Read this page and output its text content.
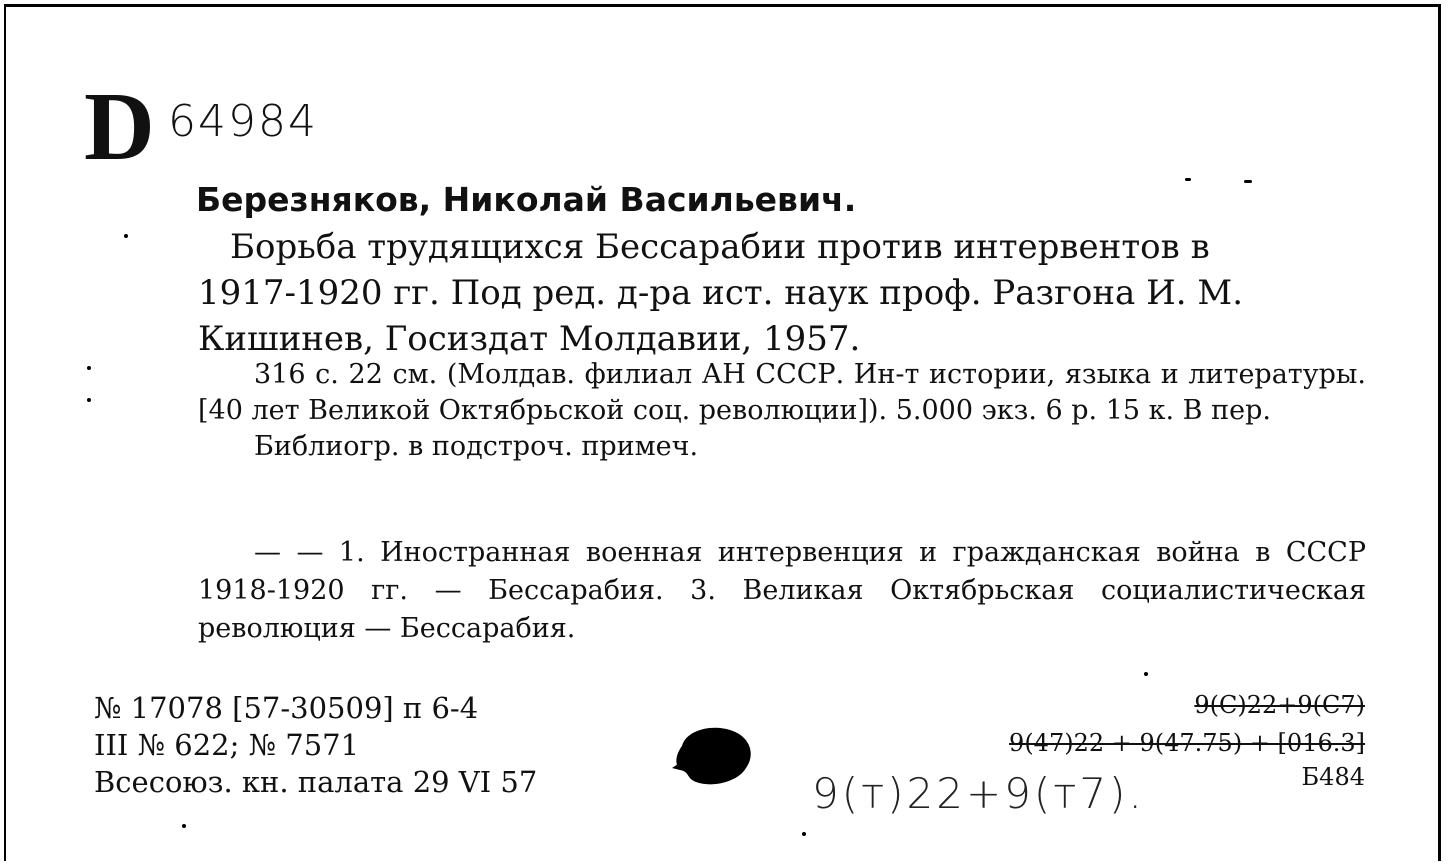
D 64984
Березняков, Николай Васильевич.
Борьба трудящихся Бессарабии против интервентов в
1917-1920 гг. Под ред. д-ра ист. наук проф. Разгона И. М.
Кишинев, Госиздат Молдавии, 1957.
316 с. 22 см. (Молдав. филиал АН СССР. Ин-т истории, языка и литературы. [40 лет Великой Октябрьской соц. революции]). 5.000 экз. 6 р. 15 к. В пер.
Библиогр. в подстроч. примеч.
— — 1. Иностранная военная интервенция и гражданская война в СССР 1918-1920 гг. — Бессарабия. 3. Великая Октябрьская социалистическая революция — Бессарабия.
№ 17078 [57-30509] п 6-4
III № 622; № 7571
Всесоюз. кн. палата 29 VI 57
9(С)22+9(С7)
9(47)22 + 9(47.75) + [016.3]
Б484
9(т)22+9(т7).
